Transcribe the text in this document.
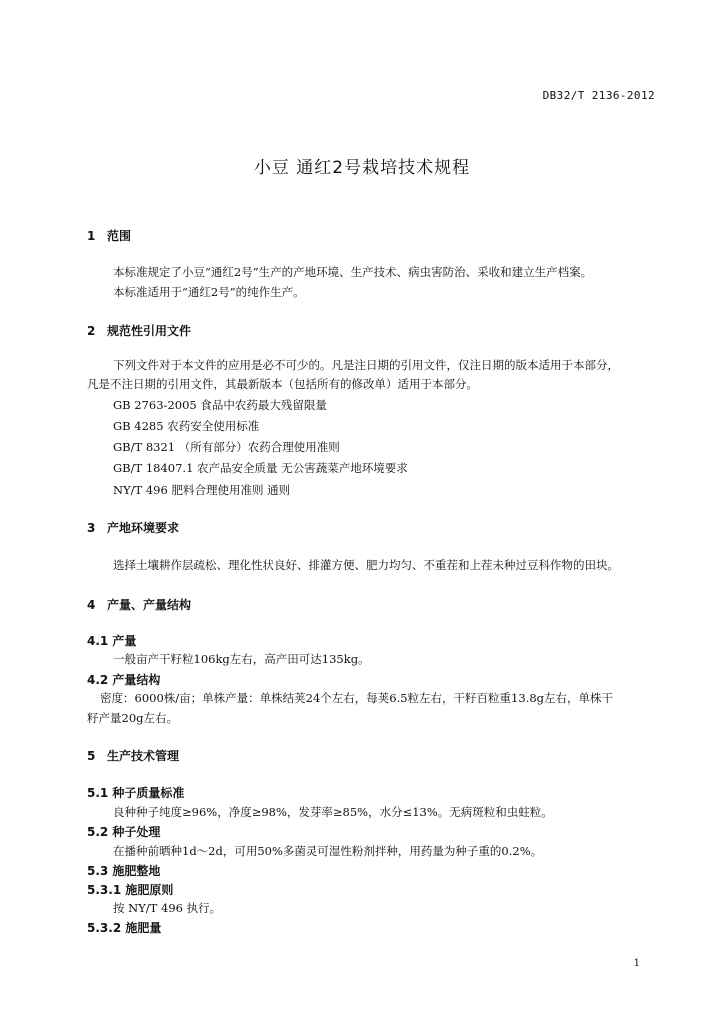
DB32/T 2136-2012
小豆 通红2号栽培技术规程
1 范围
本标准规定了小豆“通红2号”生产的产地环境、生产技术、病虫害防治、采收和建立生产档案。
本标准适用于“通红2号”的纯作生产。
2 规范性引用文件
下列文件对于本文件的应用是必不可少的。凡是注日期的引用文件，仅注日期的版本适用于本部分，
凡是不注日期的引用文件，其最新版本（包括所有的修改单）适用于本部分。
GB 2763-2005 食品中农药最大残留限量
GB 4285 农药安全使用标准
GB/T 8321 （所有部分）农药合理使用准则
GB/T 18407.1 农产品安全质量 无公害蔬菜产地环境要求
NY/T 496 肥料合理使用准则 通则
3 产地环境要求
选择土壤耕作层疏松、理化性状良好、排灌方便、肥力均匀、不重茬和上茬未种过豆科作物的田块。
4 产量、产量结构
4.1 产量
一般亩产干籽粒106kg左右，高产田可达135kg。
4.2 产量结构
密度：6000株/亩；单株产量：单株结荚24个左右，每荚6.5粒左右，干籽百粒重13.8g左右，单株干
籽产量20g左右。
5 生产技术管理
5.1 种子质量标准
良种种子纯度≥96%，净度≥98%，发芽率≥85%，水分≤13%。无病斑粒和虫蛀粒。
5.2 种子处理
在播种前晒种1d～2d，可用50%多菌灵可湿性粉剂拌种，用药量为种子重的0.2%。
5.3 施肥整地
5.3.1 施肥原则
按 NY/T 496 执行。
5.3.2 施肥量
1
